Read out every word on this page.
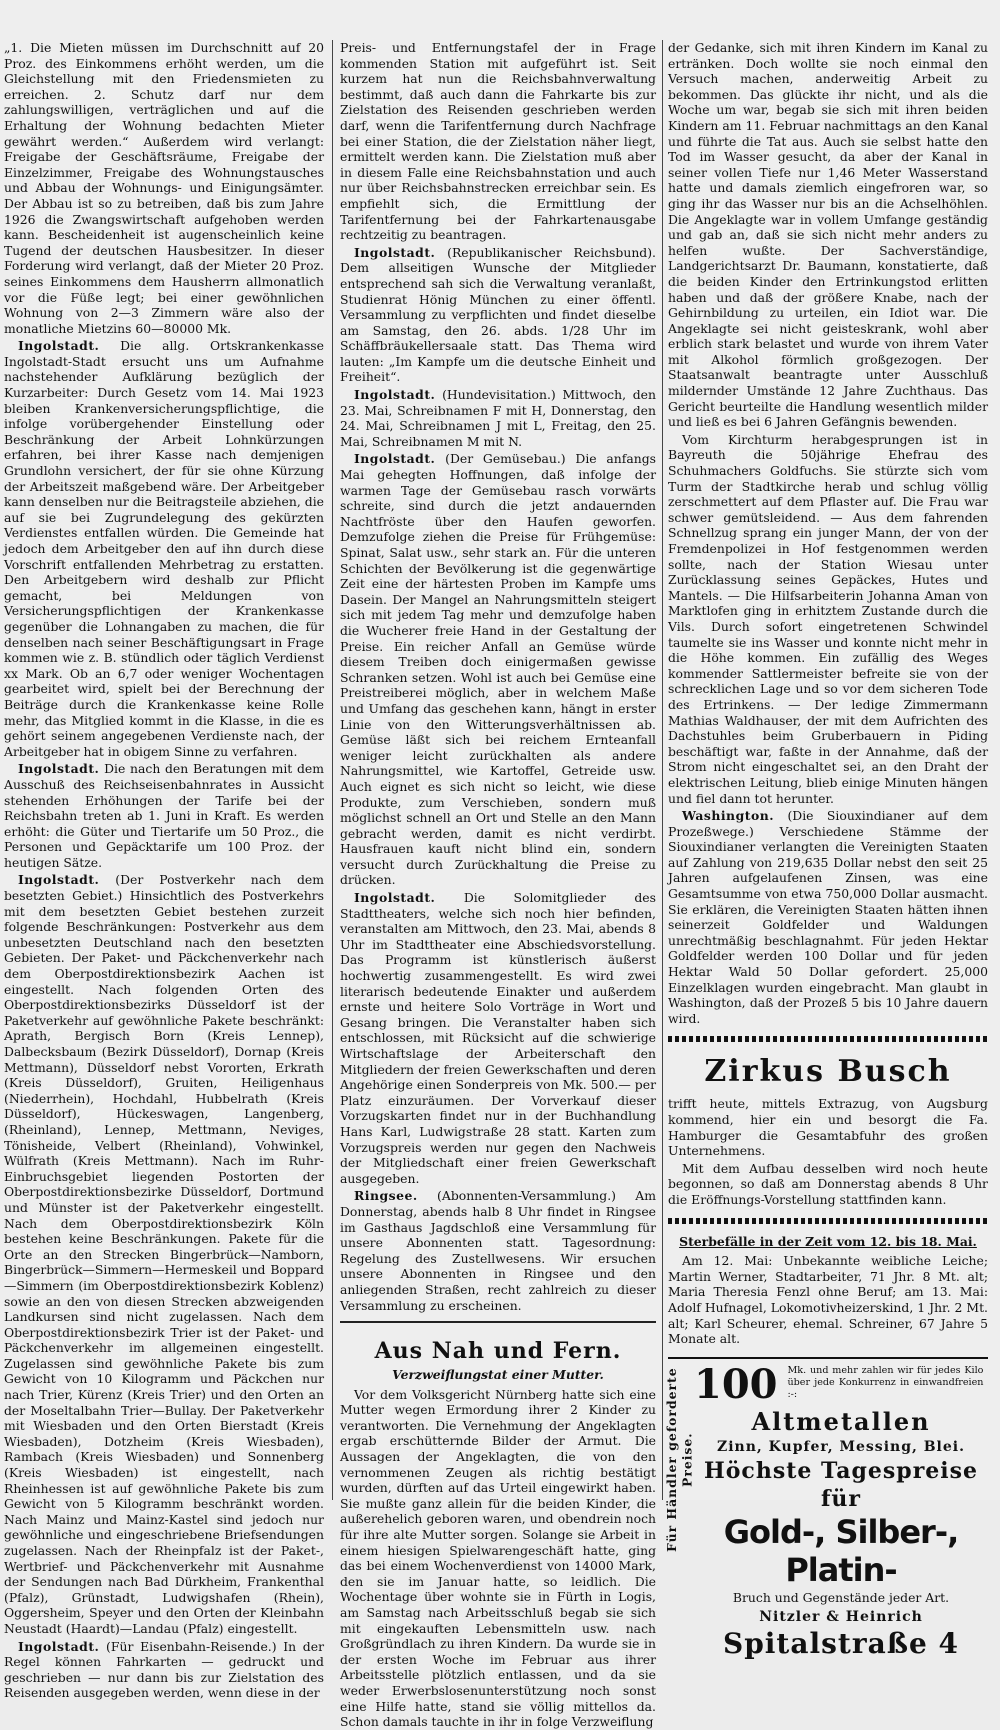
„1. Die Mieten müssen im Durchschnitt auf 20 Proz. des Einkommens erhöht werden, um die Gleichstellung mit den Friedensmieten zu erreichen. 2. Schutz darf nur dem zahlungswilligen, verträglichen und auf die Erhaltung der Wohnung bedachten Mieter gewährt werden.“ Außerdem wird verlangt: Freigabe der Geschäftsräume, Freigabe der Einzelzimmer, Freigabe des Wohnungstausches und Abbau der Wohnungs- und Einigungsämter. Der Abbau ist so zu betreiben, daß bis zum Jahre 1926 die Zwangswirtschaft aufgehoben werden kann. Bescheidenheit ist augenscheinlich keine Tugend der deutschen Hausbesitzer. In dieser Forderung wird verlangt, daß der Mieter 20 Proz. seines Einkommens dem Hausherrn allmonatlich vor die Füße legt; bei einer gewöhnlichen Wohnung von 2—3 Zimmern wäre also der monatliche Mietzins 60—80000 Mk.

Ingolstadt. Die allg. Ortskrankenkasse Ingolstadt-Stadt ersucht uns um Aufnahme nachstehender Aufklärung bezüglich der Kurzarbeiter: Durch Gesetz vom 14. Mai 1923 bleiben Krankenversicherungspflichtige, die infolge vorübergehender Einstellung oder Beschränkung der Arbeit Lohnkürzungen erfahren, bei ihrer Kasse nach demjenigen Grundlohn versichert, der für sie ohne Kürzung der Arbeitszeit maßgebend wäre. Der Arbeitgeber kann denselben nur die Beitragsteile abziehen, die auf sie bei Zugrundelegung des gekürzten Verdienstes entfallen würden. Die Gemeinde hat jedoch dem Arbeitgeber den auf ihn durch diese Vorschrift entfallenden Mehrbetrag zu erstatten. Den Arbeitgebern wird deshalb zur Pflicht gemacht, bei Meldungen von Versicherungspflichtigen der Krankenkasse gegenüber die Lohnangaben zu machen, die für denselben nach seiner Beschäftigungsart in Frage kommen wie z. B. stündlich oder täglich Verdienst xx Mark. Ob an 6,7 oder weniger Wochentagen gearbeitet wird, spielt bei der Berechnung der Beiträge durch die Krankenkasse keine Rolle mehr, das Mitglied kommt in die Klasse, in die es gehört seinem angegebenen Verdienste nach, der Arbeitgeber hat in obigem Sinne zu verfahren.

Ingolstadt. Die nach den Beratungen mit dem Ausschuß des Reichseisenbahnrates in Aussicht stehenden Erhöhungen der Tarife bei der Reichsbahn treten ab 1. Juni in Kraft. Es werden erhöht: die Güter und Tiertarife um 50 Proz., die Personen und Gepäcktarife um 100 Proz. der heutigen Sätze.

Ingolstadt. (Der Postverkehr nach dem besetzten Gebiet.) Hinsichtlich des Postverkehrs mit dem besetzten Gebiet bestehen zurzeit folgende Beschränkungen: Postverkehr aus dem unbesetzten Deutschland nach den besetzten Gebieten. Der Paket- und Päckchenverkehr nach dem Oberpostdirektionsbezirk Aachen ist eingestellt. Nach folgenden Orten des Oberpostdirektionsbezirks Düsseldorf ist der Paketverkehr auf gewöhnliche Pakete beschränkt: Aprath, Bergisch Born (Kreis Lennep), Dalbecksbaum (Bezirk Düsseldorf), Dornap (Kreis Mettmann), Düsseldorf nebst Vororten, Erkrath (Kreis Düsseldorf), Gruiten, Heiligenhaus (Niederrhein), Hochdahl, Hubbelrath (Kreis Düsseldorf), Hückeswagen, Langenberg, (Rheinland), Lennep, Mettmann, Neviges, Tönisheide, Velbert (Rheinland), Vohwinkel, Wülfrath (Kreis Mettmann). Nach im Ruhr-Einbruchsgebiet liegenden Postorten der Oberpostdirektionsbezirke Düsseldorf, Dortmund und Münster ist der Paketverkehr eingestellt. Nach dem Oberpostdirektionsbezirk Köln bestehen keine Beschränkungen. Pakete für die Orte an den Strecken Bingerbrück—Namborn, Bingerbrück—Simmern—Hermeskeil und Boppard—Simmern (im Oberpostdirektionsbezirk Koblenz) sowie an den von diesen Strecken abzweigenden Landkursen sind nicht zugelassen. Nach dem Oberpostdirektionsbezirk Trier ist der Paket- und Päckchenverkehr im allgemeinen eingestellt. Zugelassen sind gewöhnliche Pakete bis zum Gewicht von 10 Kilogramm und Päckchen nur nach Trier, Kürenz (Kreis Trier) und den Orten an der Moseltalbahn Trier—Bullay. Der Paketverkehr mit Wiesbaden und den Orten Bierstadt (Kreis Wiesbaden), Dotzheim (Kreis Wiesbaden), Rambach (Kreis Wiesbaden) und Sonnenberg (Kreis Wiesbaden) ist eingestellt, nach Rheinhessen ist auf gewöhnliche Pakete bis zum Gewicht von 5 Kilogramm beschränkt worden. Nach Mainz und Mainz-Kastel sind jedoch nur gewöhnliche und eingeschriebene Briefsendungen zugelassen. Nach der Rheinpfalz ist der Paket-, Wertbrief- und Päckchenverkehr mit Ausnahme der Sendungen nach Bad Dürkheim, Frankenthal (Pfalz), Grünstadt, Ludwigshafen (Rhein), Oggersheim, Speyer und den Orten der Kleinbahn Neustadt (Haardt)—Landau (Pfalz) eingestellt.

Ingolstadt. (Für Eisenbahn-Reisende.) In der Regel können Fahrkarten — gedruckt und geschrieben — nur dann bis zur Zielstation des Reisenden ausgegeben werden, wenn diese in der

Preis- und Entfernungstafel der in Frage kommenden Station mit aufgeführt ist. Seit kurzem hat nun die Reichsbahnverwaltung bestimmt, daß auch dann die Fahrkarte bis zur Zielstation des Reisenden geschrieben werden darf, wenn die Tarifentfernung durch Nachfrage bei einer Station, die der Zielstation näher liegt, ermittelt werden kann. Die Zielstation muß aber in diesem Falle eine Reichsbahnstation und auch nur über Reichsbahnstrecken erreichbar sein. Es empfiehlt sich, die Ermittlung der Tarifentfernung bei der Fahrkartenausgabe rechtzeitig zu beantragen.

Ingolstadt. (Republikanischer Reichsbund). Dem allseitigen Wunsche der Mitglieder entsprechend sah sich die Verwaltung veranlaßt, Studienrat Hönig München zu einer öffentl. Versammlung zu verpflichten und findet dieselbe am Samstag, den 26. abds. 1/28 Uhr im Schäffbräukellersaale statt. Das Thema wird lauten: „Im Kampfe um die deutsche Einheit und Freiheit“.

Ingolstadt. (Hundevisitation.) Mittwoch, den 23. Mai, Schreibnamen F mit H, Donnerstag, den 24. Mai, Schreibnamen J mit L, Freitag, den 25. Mai, Schreibnamen M mit N.

Ingolstadt. (Der Gemüsebau.) Die anfangs Mai gehegten Hoffnungen, daß infolge der warmen Tage der Gemüsebau rasch vorwärts schreite, sind durch die jetzt andauernden Nachtfröste über den Haufen geworfen. Demzufolge ziehen die Preise für Frühgemüse: Spinat, Salat usw., sehr stark an. Für die unteren Schichten der Bevölkerung ist die gegenwärtige Zeit eine der härtesten Proben im Kampfe ums Dasein. Der Mangel an Nahrungsmitteln steigert sich mit jedem Tag mehr und demzufolge haben die Wucherer freie Hand in der Gestaltung der Preise. Ein reicher Anfall an Gemüse würde diesem Treiben doch einigermaßen gewisse Schranken setzen. Wohl ist auch bei Gemüse eine Preistreiberei möglich, aber in welchem Maße und Umfang das geschehen kann, hängt in erster Linie von den Witterungsverhältnissen ab. Gemüse läßt sich bei reichem Ernteanfall weniger leicht zurückhalten als andere Nahrungsmittel, wie Kartoffel, Getreide usw. Auch eignet es sich nicht so leicht, wie diese Produkte, zum Verschieben, sondern muß möglichst schnell an Ort und Stelle an den Mann gebracht werden, damit es nicht verdirbt. Hausfrauen kauft nicht blind ein, sondern versucht durch Zurückhaltung die Preise zu drücken.

Ingolstadt. Die Solomitglieder des Stadttheaters, welche sich noch hier befinden, veranstalten am Mittwoch, den 23. Mai, abends 8 Uhr im Stadttheater eine Abschiedsvorstellung. Das Programm ist künstlerisch äußerst hochwertig zusammengestellt. Es wird zwei literarisch bedeutende Einakter und außerdem ernste und heitere Solo Vorträge in Wort und Gesang bringen. Die Veranstalter haben sich entschlossen, mit Rücksicht auf die schwierige Wirtschaftslage der Arbeiterschaft den Mitgliedern der freien Gewerkschaften und deren Angehörige einen Sonderpreis von Mk. 500.— per Platz einzuräumen. Der Vorverkauf dieser Vorzugskarten findet nur in der Buchhandlung Hans Karl, Ludwigstraße 28 statt. Karten zum Vorzugspreis werden nur gegen den Nachweis der Mitgliedschaft einer freien Gewerkschaft ausgegeben.

Ringsee. (Abonnenten-Versammlung.) Am Donnerstag, abends halb 8 Uhr findet in Ringsee im Gasthaus Jagdschloß eine Versammlung für unsere Abonnenten statt. Tagesordnung: Regelung des Zustellwesens. Wir ersuchen unsere Abonnenten in Ringsee und den anliegenden Straßen, recht zahlreich zu dieser Versammlung zu erscheinen.

Aus Nah und Fern.
Verzweiflungstat einer Mutter.

Vor dem Volksgericht Nürnberg hatte sich eine Mutter wegen Ermordung ihrer 2 Kinder zu verantworten. Die Vernehmung der Angeklagten ergab erschütternde Bilder der Armut. Die Aussagen der Angeklagten, die von den vernommenen Zeugen als richtig bestätigt wurden, dürften auf das Urteil eingewirkt haben. Sie mußte ganz allein für die beiden Kinder, die außerehelich geboren waren, und obendrein noch für ihre alte Mutter sorgen. Solange sie Arbeit in einem hiesigen Spielwarengeschäft hatte, ging das bei einem Wochenverdienst von 14000 Mark, den sie im Januar hatte, so leidlich. Die Wochentage über wohnte sie in Fürth in Logis, am Samstag nach Arbeitsschluß begab sie sich mit eingekauften Lebensmitteln usw. nach Großgründlach zu ihren Kindern. Da wurde sie in der ersten Woche im Februar aus ihrer Arbeitsstelle plötzlich entlassen, und da sie weder Erwerbslosenunterstützung noch sonst eine Hilfe hatte, stand sie völlig mittellos da. Schon damals tauchte in ihr in folge Verzweiflung

der Gedanke, sich mit ihren Kindern im Kanal zu ertränken. Doch wollte sie noch einmal den Versuch machen, anderweitig Arbeit zu bekommen. Das glückte ihr nicht, und als die Woche um war, begab sie sich mit ihren beiden Kindern am 11. Februar nachmittags an den Kanal und führte die Tat aus. Auch sie selbst hatte den Tod im Wasser gesucht, da aber der Kanal in seiner vollen Tiefe nur 1,46 Meter Wasserstand hatte und damals ziemlich eingefroren war, so ging ihr das Wasser nur bis an die Achselhöhlen. Die Angeklagte war in vollem Umfange geständig und gab an, daß sie sich nicht mehr anders zu helfen wußte. Der Sachverständige, Landgerichtsarzt Dr. Baumann, konstatierte, daß die beiden Kinder den Ertrinkungstod erlitten haben und daß der größere Knabe, nach der Gehirnbildung zu urteilen, ein Idiot war. Die Angeklagte sei nicht geisteskrank, wohl aber erblich stark belastet und wurde von ihrem Vater mit Alkohol förmlich großgezogen. Der Staatsanwalt beantragte unter Ausschluß mildernder Umstände 12 Jahre Zuchthaus. Das Gericht beurteilte die Handlung wesentlich milder und ließ es bei 6 Jahren Gefängnis bewenden.

Vom Kirchturm herabgesprungen ist in Bayreuth die 50jährige Ehefrau des Schuhmachers Goldfuchs. Sie stürzte sich vom Turm der Stadtkirche herab und schlug völlig zerschmettert auf dem Pflaster auf. Die Frau war schwer gemütsleidend. — Aus dem fahrenden Schnellzug sprang ein junger Mann, der von der Fremdenpolizei in Hof festgenommen werden sollte, nach der Station Wiesau unter Zurücklassung seines Gepäckes, Hutes und Mantels. — Die Hilfsarbeiterin Johanna Aman von Marktlofen ging in erhitztem Zustande durch die Vils. Durch sofort eingetretenen Schwindel taumelte sie ins Wasser und konnte nicht mehr in die Höhe kommen. Ein zufällig des Weges kommender Sattlermeister befreite sie von der schrecklichen Lage und so vor dem sicheren Tode des Ertrinkens. — Der ledige Zimmermann Mathias Waldhauser, der mit dem Aufrichten des Dachstuhles beim Gruberbauern in Piding beschäftigt war, faßte in der Annahme, daß der Strom nicht eingeschaltet sei, an den Draht der elektrischen Leitung, blieb einige Minuten hängen und fiel dann tot herunter.

Washington. (Die Siouxindianer auf dem Prozeßwege.) Verschiedene Stämme der Siouxindianer verlangten die Vereinigten Staaten auf Zahlung von 219,635 Dollar nebst den seit 25 Jahren aufgelaufenen Zinsen, was eine Gesamtsumme von etwa 750,000 Dollar ausmacht. Sie erklären, die Vereinigten Staaten hätten ihnen seinerzeit Goldfelder und Waldungen unrechtmäßig beschlagnahmt. Für jeden Hektar Goldfelder werden 100 Dollar und für jeden Hektar Wald 50 Dollar gefordert. 25,000 Einzelklagen wurden eingebracht. Man glaubt in Washington, daß der Prozeß 5 bis 10 Jahre dauern wird.

Zirkus Busch

trifft heute, mittels Extrazug, von Augsburg kommend, hier ein und besorgt die Fa. Hamburger die Gesamtabfuhr des großen Unternehmens.

Mit dem Aufbau desselben wird noch heute begonnen, so daß am Donnerstag abends 8 Uhr die Eröffnungs-Vorstellung stattfinden kann.

Sterbefälle in der Zeit vom 12. bis 18. Mai.

Am 12. Mai: Unbekannte weibliche Leiche; Martin Werner, Stadtarbeiter, 71 Jhr. 8 Mt. alt; Maria Theresia Fenzl ohne Beruf; am 13. Mai: Adolf Hufnagel, Lokomotivheizerskind, 1 Jhr. 2 Mt. alt; Karl Scheurer, ehemal. Schreiner, 67 Jahre 5 Monate alt.

Für Händler geforderte Preise.
100 Mk. und mehr zahlen wir für jedes Kilo über jede Konkurrenz in einwandfreien :-:
Altmetallen
Zinn, Kupfer, Messing, Blei.
Höchste Tagespreise für
Gold-, Silber-, Platin-
Bruch und Gegenstände jeder Art.
Nitzler & Heinrich
Spitalstraße 4
